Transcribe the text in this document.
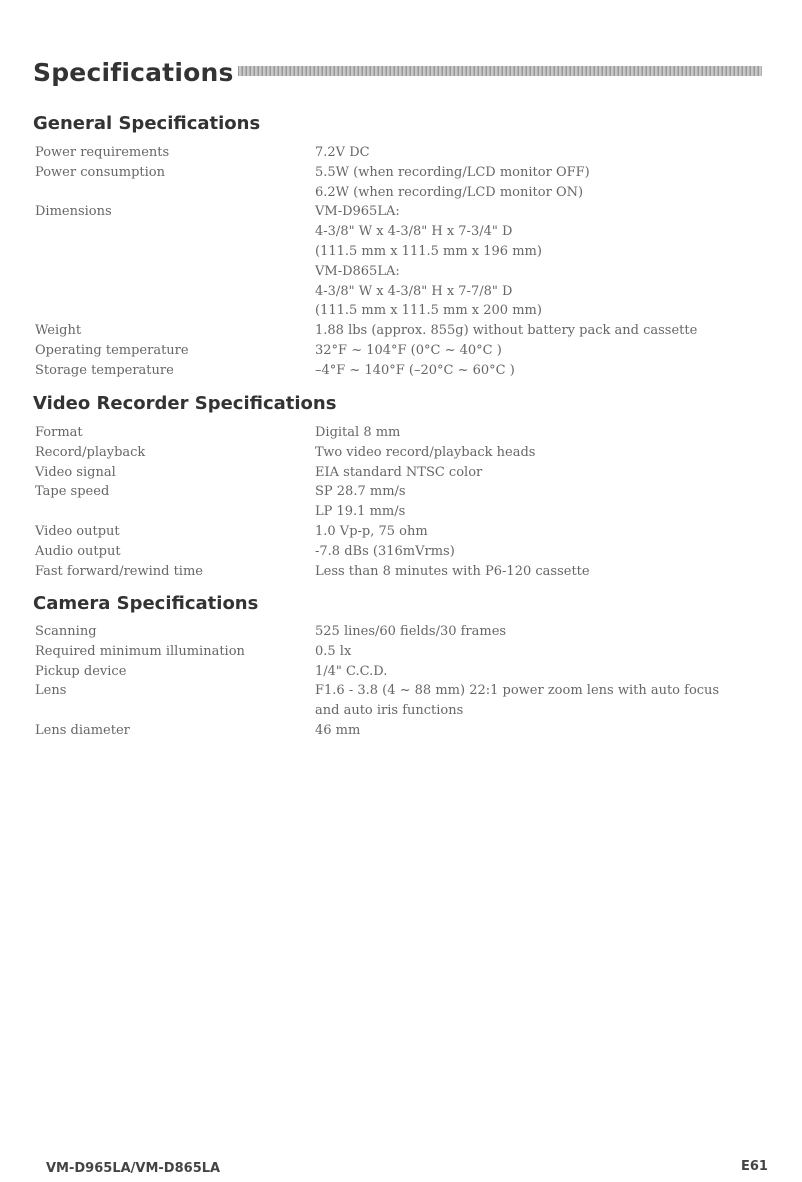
Specifications
General Specifications
Power requirements	7.2V DC
Power consumption	5.5W (when recording/LCD monitor OFF)
6.2W (when recording/LCD monitor ON)
Dimensions	VM-D965LA:
4-3/8" W x 4-3/8" H x 7-3/4" D
(111.5 mm x 111.5 mm x 196 mm)
VM-D865LA:
4-3/8" W x 4-3/8" H x 7-7/8" D
(111.5 mm x 111.5 mm x 200 mm)
Weight	1.88 lbs (approx. 855g) without battery pack and cassette
Operating temperature	32°F ~ 104°F (0°C ~ 40°C )
Storage temperature	–4°F ~ 140°F (–20°C ~ 60°C )
Video Recorder Specifications
Format	Digital 8 mm
Record/playback	Two video record/playback heads
Video signal	EIA standard NTSC color
Tape speed	SP 28.7 mm/s
LP 19.1 mm/s
Video output	1.0 Vp-p, 75 ohm
Audio output	-7.8 dBs (316mVrms)
Fast forward/rewind time	Less than 8 minutes with P6-120 cassette
Camera Specifications
Scanning	525 lines/60 fields/30 frames
Required minimum illumination	0.5 lx
Pickup device	1/4" C.C.D.
Lens	F1.6 - 3.8 (4 ~ 88 mm) 22:1 power zoom lens with auto focus
and auto iris functions
Lens diameter	46 mm
VM-D965LA/VM-D865LA	E61
